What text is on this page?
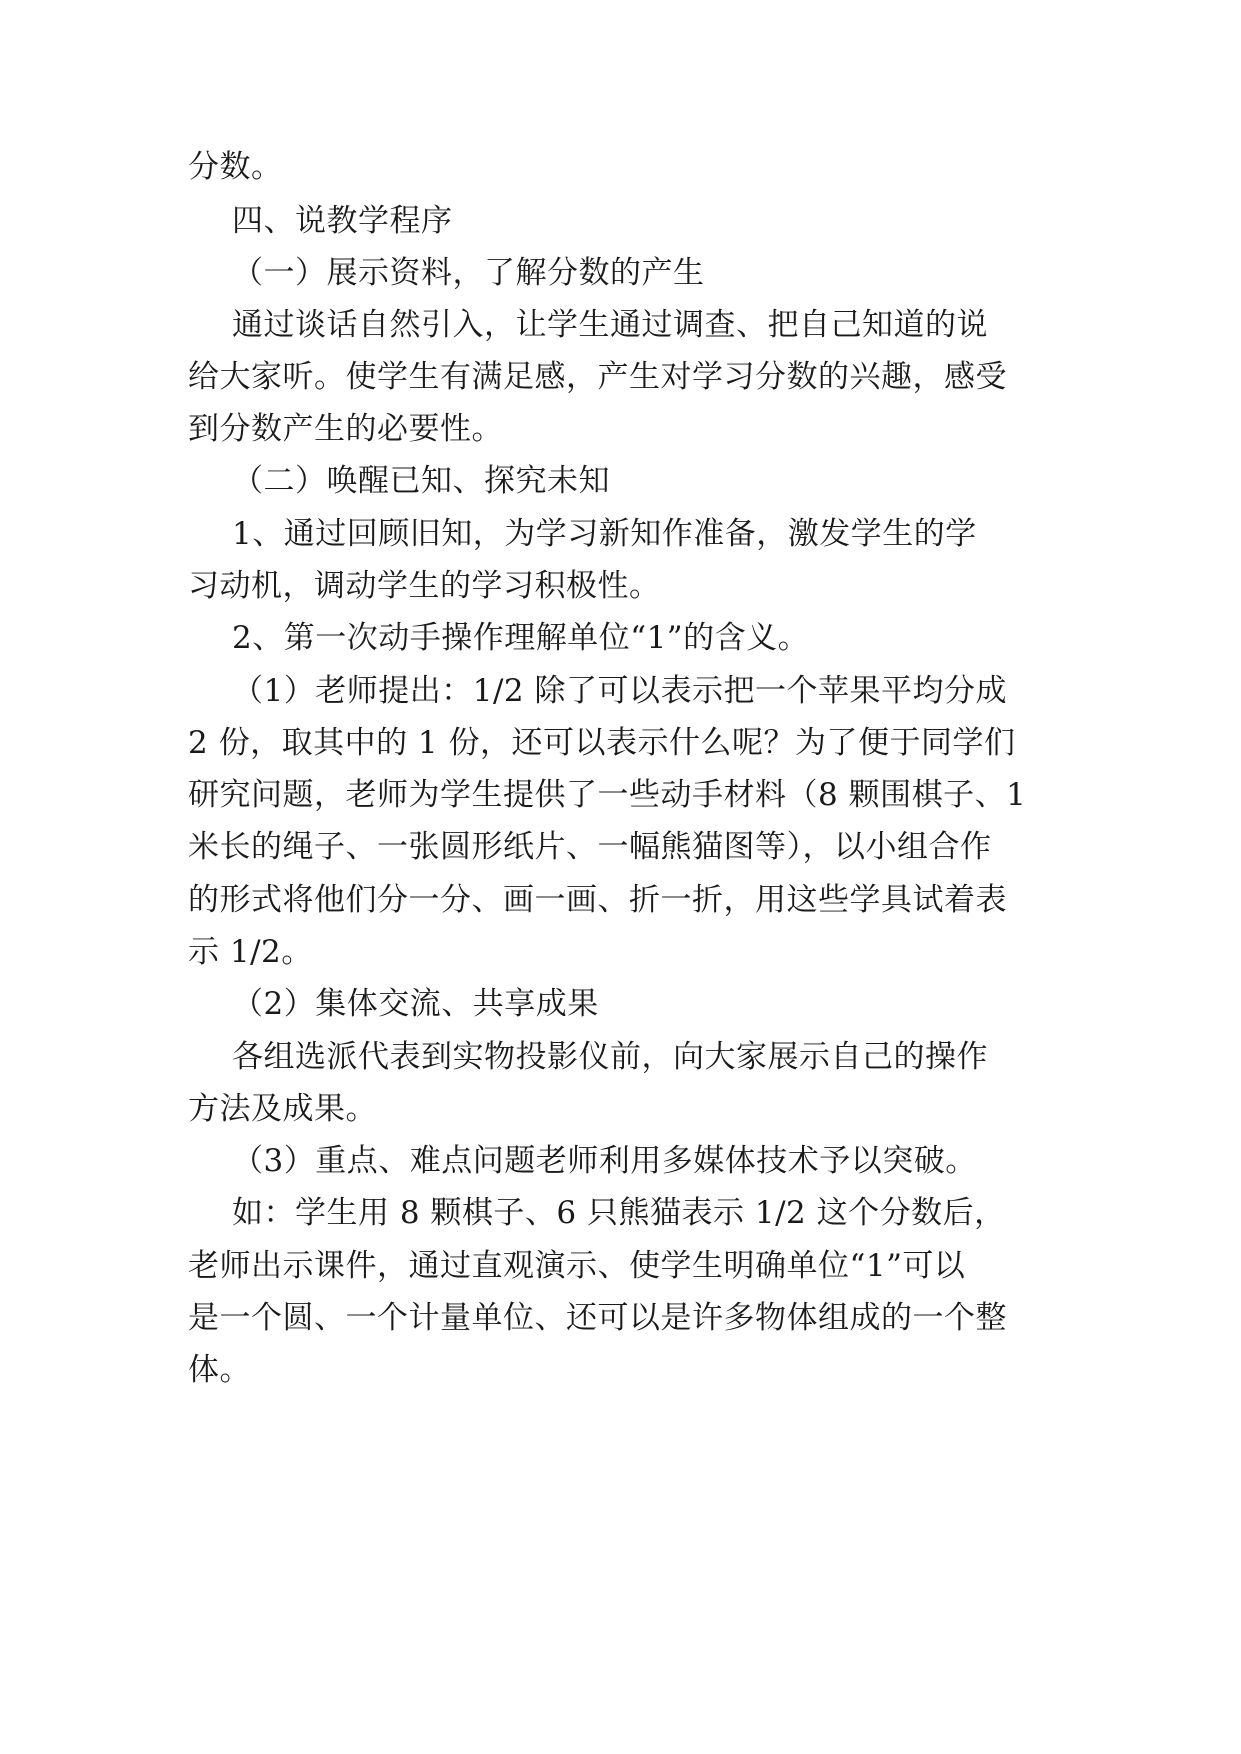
分数。
四、说教学程序
（一）展示资料，了解分数的产生
通过谈话自然引入，让学生通过调查、把自己知道的说
给大家听。使学生有满足感，产生对学习分数的兴趣，感受
到分数产生的必要性。
（二）唤醒已知、探究未知
1、通过回顾旧知，为学习新知作准备，激发学生的学
习动机，调动学生的学习积极性。
2、第一次动手操作理解单位“1”的含义。
（1）老师提出：1/2 除了可以表示把一个苹果平均分成
2 份，取其中的 1 份，还可以表示什么呢？为了便于同学们
研究问题，老师为学生提供了一些动手材料（8 颗围棋子、1
米长的绳子、一张圆形纸片、一幅熊猫图等），以小组合作
的形式将他们分一分、画一画、折一折，用这些学具试着表
示 1/2。
（2）集体交流、共享成果
各组选派代表到实物投影仪前，向大家展示自己的操作
方法及成果。
（3）重点、难点问题老师利用多媒体技术予以突破。
如：学生用 8 颗棋子、6 只熊猫表示 1/2 这个分数后，
老师出示课件，通过直观演示、使学生明确单位“1”可以
是一个圆、一个计量单位、还可以是许多物体组成的一个整
体。
